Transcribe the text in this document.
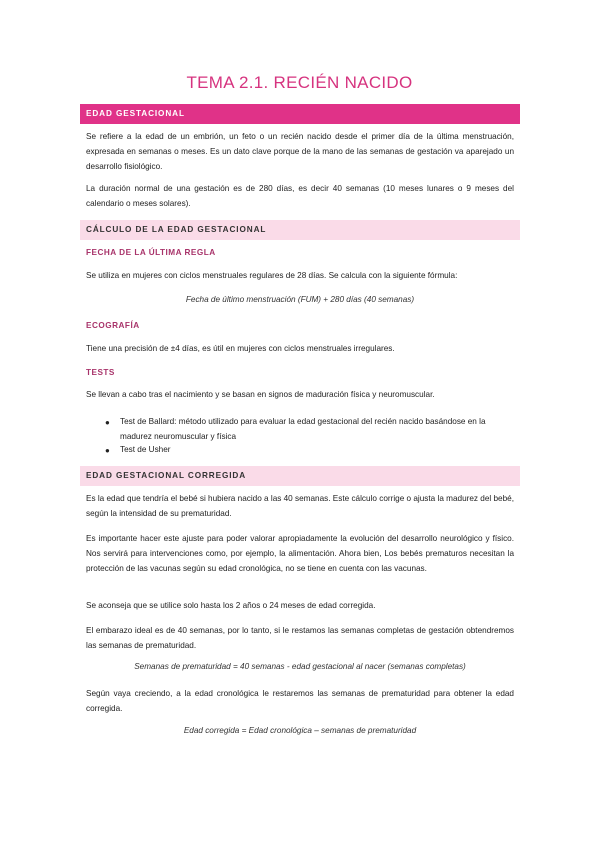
TEMA 2.1. RECIÉN NACIDO
EDAD GESTACIONAL
Se refiere a la edad de un embrión, un feto o un recién nacido desde el primer día de la última menstruación, expresada en semanas o meses. Es un dato clave porque de la mano de las semanas de gestación va aparejado un desarrollo fisiológico.
La duración normal de una gestación es de 280 días, es decir 40 semanas (10 meses lunares o 9 meses del calendario o meses solares).
CÁLCULO DE LA EDAD GESTACIONAL
FECHA DE LA ÚLTIMA REGLA
Se utiliza en mujeres con ciclos menstruales regulares de 28 días. Se calcula con la siguiente fórmula:
Fecha de último menstruación (FUM) + 280 días (40 semanas)
ECOGRAFÍA
Tiene una precisión de ±4 días, es útil en mujeres con ciclos menstruales irregulares.
TESTS
Se llevan a cabo tras el nacimiento y se basan en signos de maduración física y neuromuscular.
● Test de Ballard: método utilizado para evaluar la edad gestacional del recién nacido basándose en la madurez neuromuscular y física
● Test de Usher
EDAD GESTACIONAL CORREGIDA
Es la edad que tendría el bebé si hubiera nacido a las 40 semanas. Este cálculo corrige o ajusta la madurez del bebé, según la intensidad de su prematuridad.
Es importante hacer este ajuste para poder valorar apropiadamente la evolución del desarrollo neurológico y físico. Nos servirá para intervenciones como, por ejemplo, la alimentación. Ahora bien, Los bebés prematuros necesitan la protección de las vacunas según su edad cronológica, no se tiene en cuenta con las vacunas.
Se aconseja que se utilice solo hasta los 2 años o 24 meses de edad corregida.
El embarazo ideal es de 40 semanas, por lo tanto, si le restamos las semanas completas de gestación obtendremos las semanas de prematuridad.
Semanas de prematuridad = 40 semanas - edad gestacional al nacer (semanas completas)
Según vaya creciendo, a la edad cronológica le restaremos las semanas de prematuridad para obtener la edad corregida.
Edad corregida = Edad cronológica – semanas de prematuridad
